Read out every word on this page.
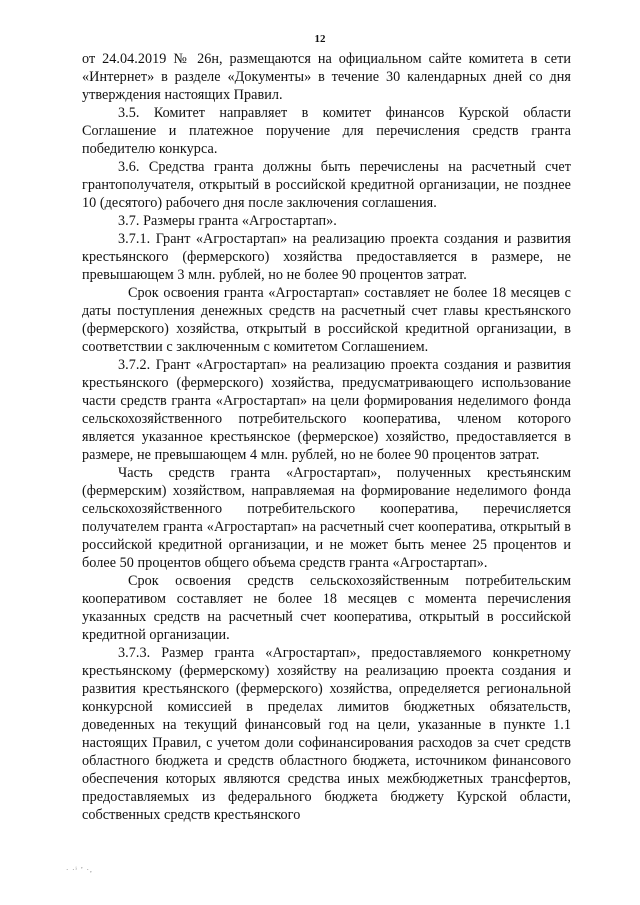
12

от 24.04.2019 № 26н, размещаются на официальном сайте комитета в сети «Интернет» в разделе «Документы» в течение 30 календарных дней со дня утверждения настоящих Правил.

3.5. Комитет направляет в комитет финансов Курской области Соглашение и платежное поручение для перечисления средств гранта победителю конкурса.

3.6. Средства гранта должны быть перечислены на расчетный счет грантополучателя, открытый в российской кредитной организации, не позднее 10 (десятого) рабочего дня после заключения соглашения.

3.7. Размеры гранта «Агростартап».

3.7.1. Грант «Агростартап» на реализацию проекта создания и развития крестьянского (фермерского) хозяйства предоставляется в размере, не превышающем 3 млн. рублей, но не более 90 процентов затрат.

Срок освоения гранта «Агростартап» составляет не более 18 месяцев с даты поступления денежных средств на расчетный счет главы крестьянского (фермерского) хозяйства, открытый в российской кредитной организации, в соответствии с заключенным с комитетом Соглашением.

3.7.2. Грант «Агростартап» на реализацию проекта создания и развития крестьянского (фермерского) хозяйства, предусматривающего использование части средств гранта «Агростартап» на цели формирования неделимого фонда сельскохозяйственного потребительского кооператива, членом которого является указанное крестьянское (фермерское) хозяйство, предоставляется в размере, не превышающем 4 млн. рублей, но не более 90 процентов затрат.

Часть средств гранта «Агростартап», полученных крестьянским (фермерским) хозяйством, направляемая на формирование неделимого фонда сельскохозяйственного потребительского кооператива, перечисляется получателем гранта «Агростартап» на расчетный счет кооператива, открытый в российской кредитной организации, и не может быть менее 25 процентов и более 50 процентов общего объема средств гранта «Агростартап».

Срок освоения средств сельскохозяйственным потребительским кооперативом составляет не более 18 месяцев с момента перечисления указанных средств на расчетный счет кооператива, открытый в российской кредитной организации.

3.7.3. Размер гранта «Агростартап», предоставляемого конкретному крестьянскому (фермерскому) хозяйству на реализацию проекта создания и развития крестьянского (фермерского) хозяйства, определяется региональной конкурсной комиссией в пределах лимитов бюджетных обязательств, доведенных на текущий финансовый год на цели, указанные в пункте 1.1 настоящих Правил, с учетом доли софинансирования расходов за счет средств областного бюджета и средств областного бюджета, источником финансового обеспечения которых являются средства иных межбюджетных трансфертов, предоставляемых из федерального бюджета бюджету Курской области, собственных средств крестьянского

· ·ⁱ ʼ ·,
